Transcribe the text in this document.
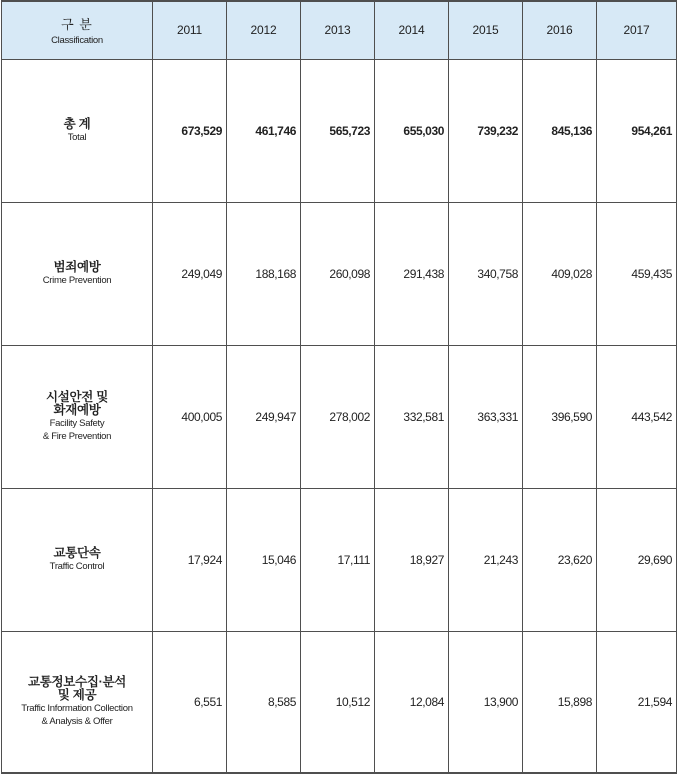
구 분
Classification	2011	2012	2013	2014	2015	2016	2017

총 계
Total	673,529	461,746	565,723	655,030	739,232	845,136	954,261

범죄예방
Crime Prevention	249,049	188,168	260,098	291,438	340,758	409,028	459,435

시설안전 및
화재예방
Facility Safety
& Fire Prevention	400,005	249,947	278,002	332,581	363,331	396,590	443,542

교통단속
Traffic Control	17,924	15,046	17,111	18,927	21,243	23,620	29,690

교통정보수집·분석
및 제공
Traffic Information Collection
& Analysis & Offer	6,551	8,585	10,512	12,084	13,900	15,898	21,594
